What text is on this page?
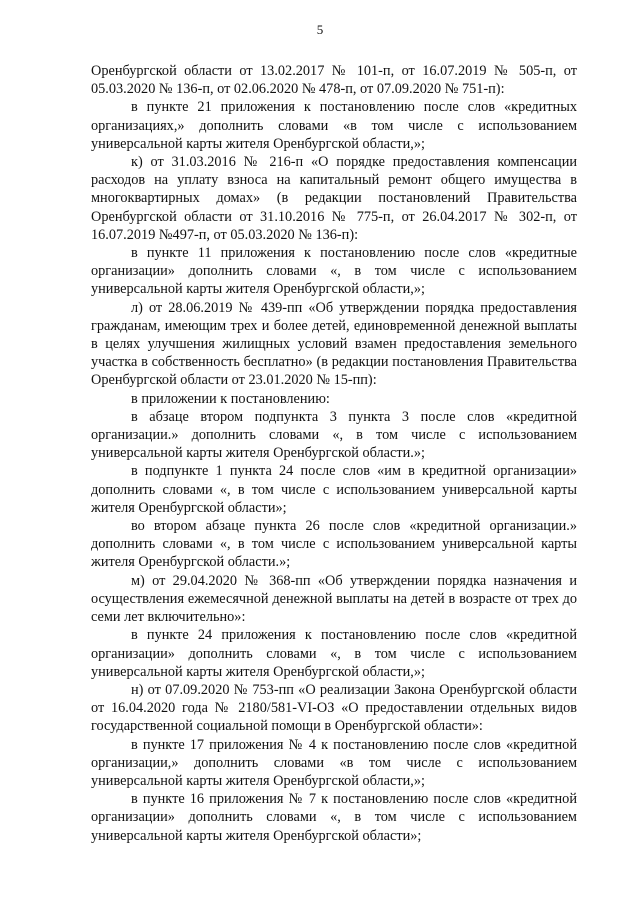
5

Оренбургской области от 13.02.2017 № 101-п, от 16.07.2019 № 505-п, от 05.03.2020 № 136-п, от 02.06.2020 № 478-п, от 07.09.2020 № 751-п):

в пункте 21 приложения к постановлению после слов «кредитных организациях,» дополнить словами «в том числе с использованием универсальной карты жителя Оренбургской области,»;

к) от 31.03.2016 № 216-п «О порядке предоставления компенсации расходов на уплату взноса на капитальный ремонт общего имущества в многоквартирных домах» (в редакции постановлений Правительства Оренбургской области от 31.10.2016 № 775-п, от 26.04.2017 № 302-п, от 16.07.2019 №497-п, от 05.03.2020 № 136-п):

в пункте 11 приложения к постановлению после слов «кредитные организации» дополнить словами «, в том числе с использованием универсальной карты жителя Оренбургской области,»;

л) от 28.06.2019 № 439-пп «Об утверждении порядка предоставления гражданам, имеющим трех и более детей, единовременной денежной выплаты в целях улучшения жилищных условий взамен предоставления земельного участка в собственность бесплатно» (в редакции постановления Правительства Оренбургской области от 23.01.2020 № 15-пп):

в приложении к постановлению:

в абзаце втором подпункта 3 пункта 3 после слов «кредитной организации.» дополнить словами «, в том числе с использованием универсальной карты жителя Оренбургской области.»;

в подпункте 1 пункта 24 после слов «им в кредитной организации» дополнить словами «, в том числе с использованием универсальной карты жителя Оренбургской области»;

во втором абзаце пункта 26 после слов «кредитной организации.» дополнить словами «, в том числе с использованием универсальной карты жителя Оренбургской области.»;

м) от 29.04.2020 № 368-пп «Об утверждении порядка назначения и осуществления ежемесячной денежной выплаты на детей в возрасте от трех до семи лет включительно»:

в пункте 24 приложения к постановлению после слов «кредитной организации» дополнить словами «, в том числе с использованием универсальной карты жителя Оренбургской области,»;

н) от 07.09.2020 № 753-пп «О реализации Закона Оренбургской области от 16.04.2020 года № 2180/581-VI-ОЗ «О предоставлении отдельных видов государственной социальной помощи в Оренбургской области»:

в пункте 17 приложения № 4 к постановлению после слов «кредитной организации,» дополнить словами «в том числе с использованием универсальной карты жителя Оренбургской области,»;

в пункте 16 приложения № 7 к постановлению после слов «кредитной организации» дополнить словами «, в том числе с использованием универсальной карты жителя Оренбургской области»;
